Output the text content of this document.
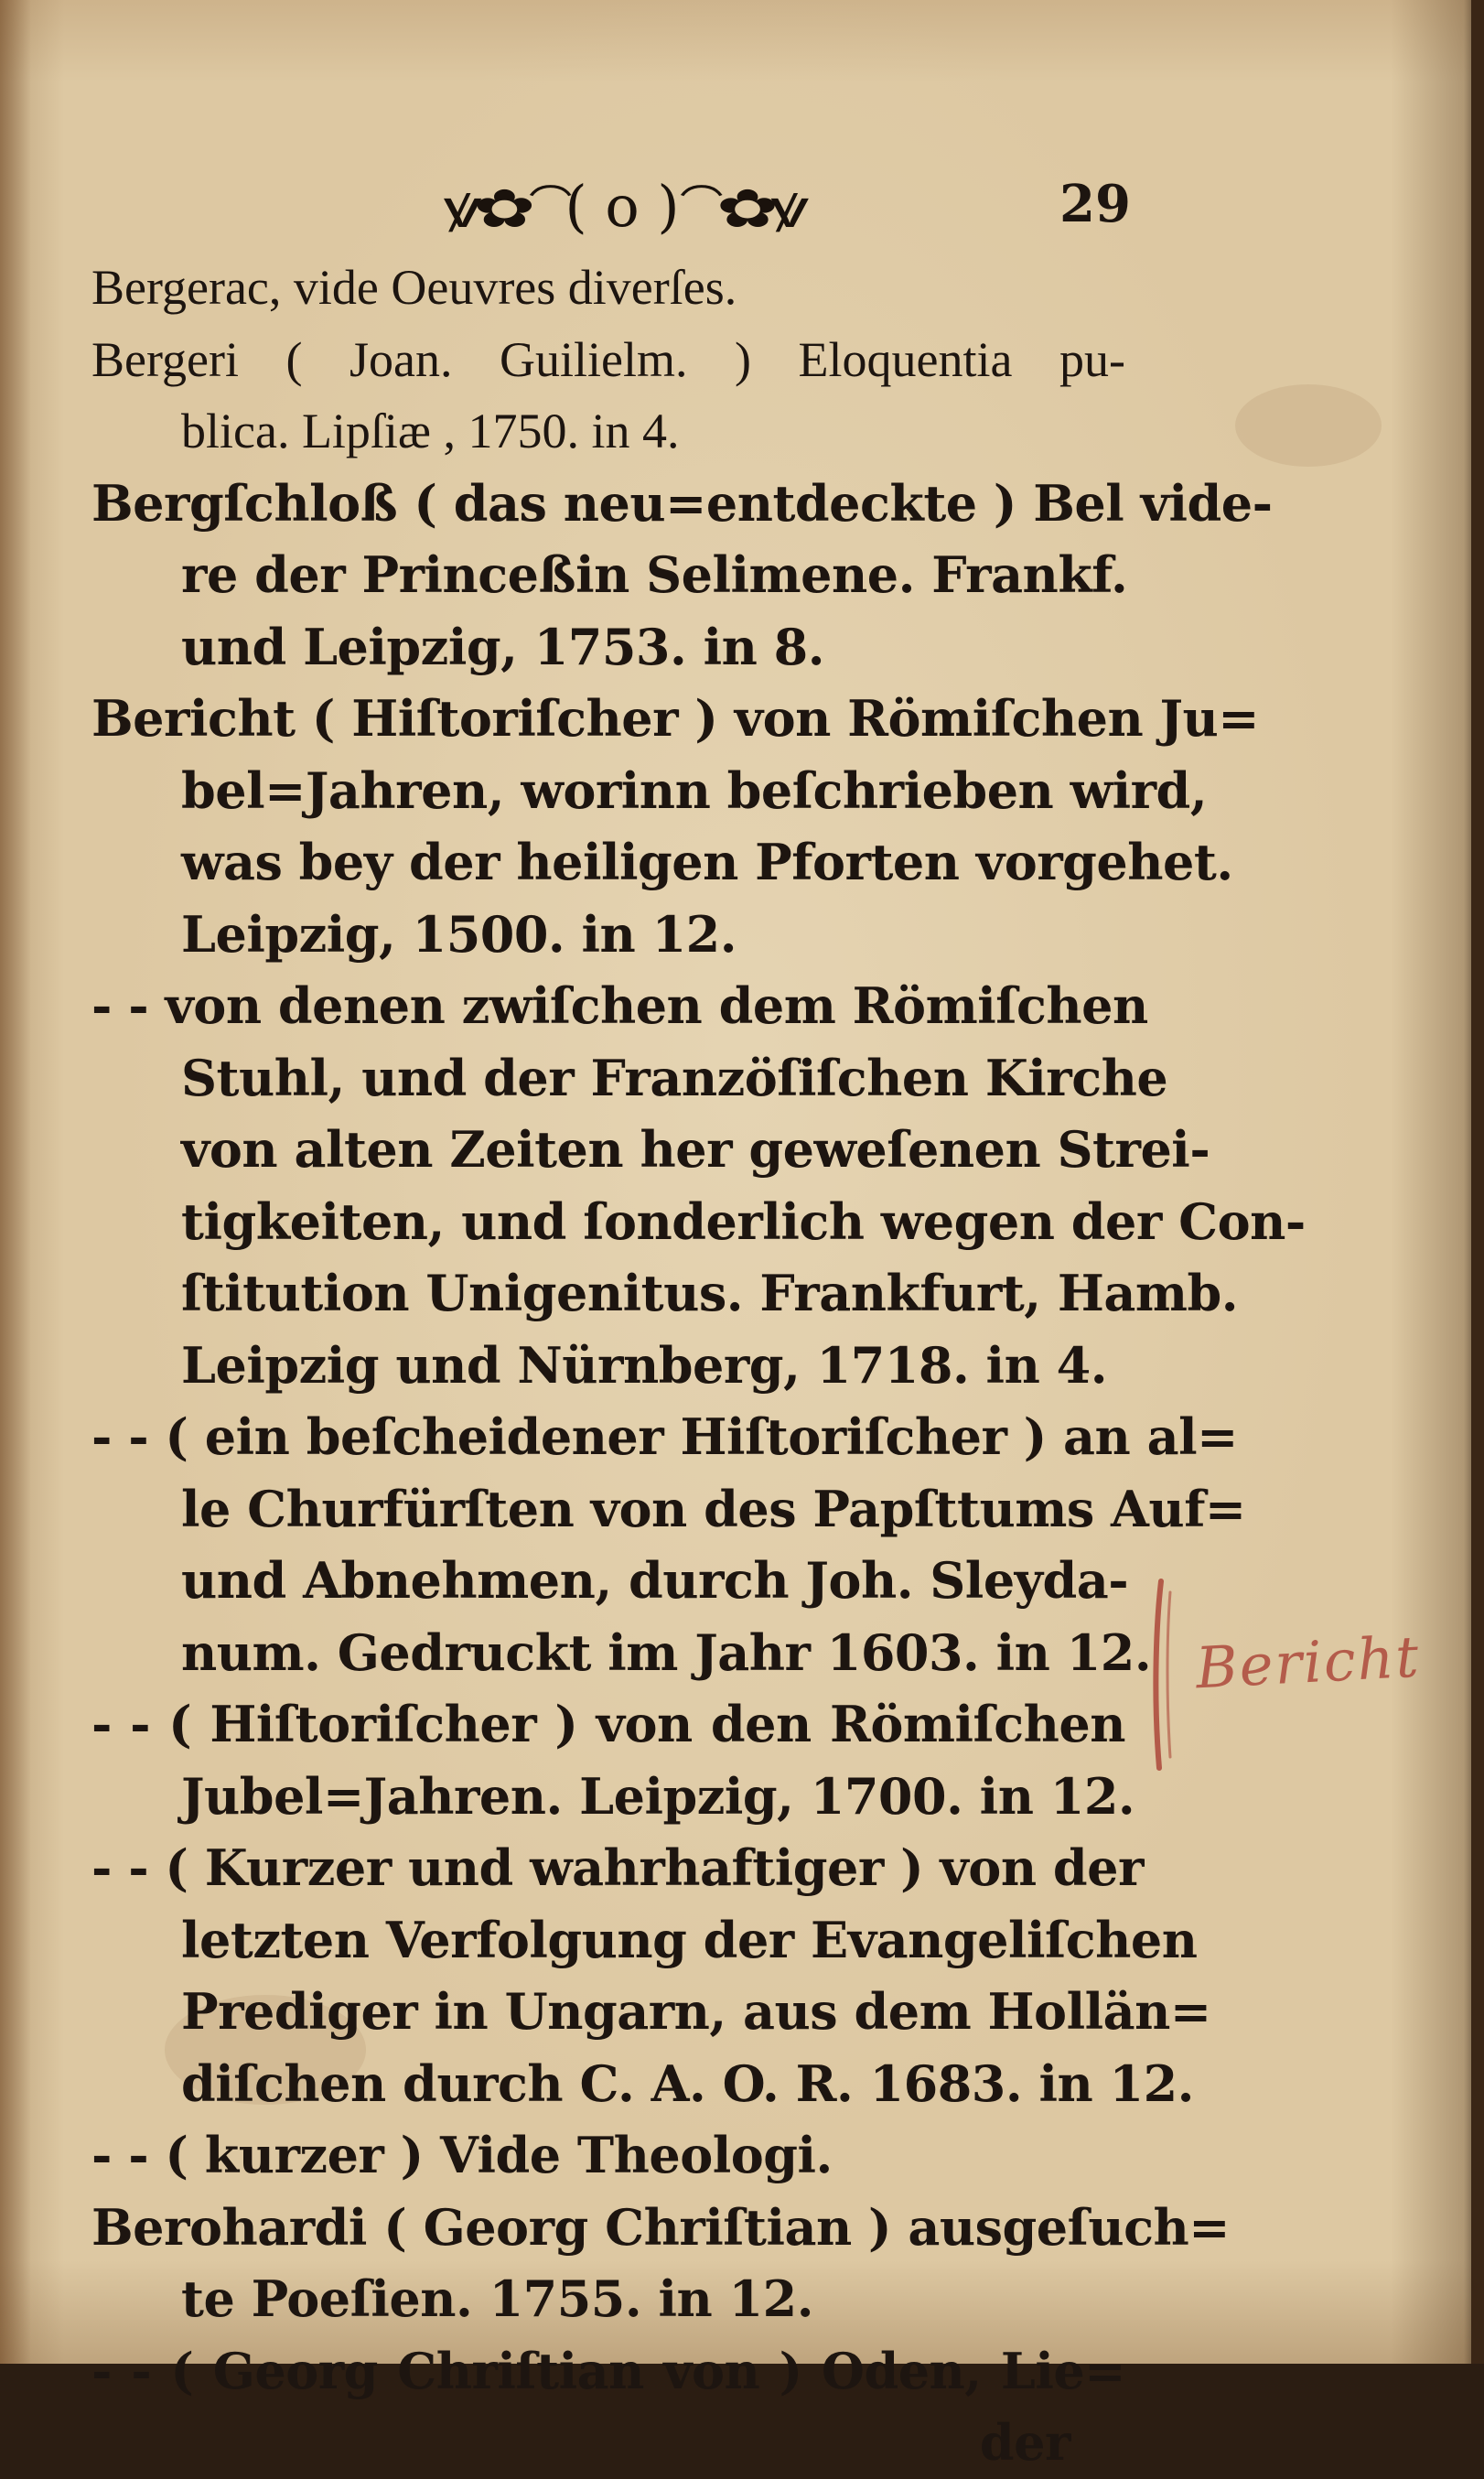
ꝟ✿⁀
( o )
⁀✿ꝟ	29
Bergerac, vide Oeuvres diverſes.
Bergeri ( Joan. Guilielm. ) Eloquentia pu-
blica. Lipſiæ , 1750. in 4.
Bergſchloß ( das neu=entdeckte ) Bel vide-
re der Princeßin Selimene. Frankf.
und Leipzig, 1753. in 8.
Bericht ( Hiſtoriſcher ) von Römiſchen Ju=
bel=Jahren, worinn beſchrieben wird,
was bey der heiligen Pforten vorgehet.
Leipzig, 1500. in 12.
- - von denen zwiſchen dem Römiſchen
Stuhl, und der Franzöſiſchen Kirche
von alten Zeiten her geweſenen Strei-
tigkeiten, und ſonderlich wegen der Con-
ſtitution Unigenitus. Frankfurt, Hamb.
Leipzig und Nürnberg, 1718. in 4.
- - ( ein beſcheidener Hiſtoriſcher ) an al=
le Churfürſten von des Papſttums Auf=
und Abnehmen, durch Joh. Sleyda-
num. Gedruckt im Jahr 1603. in 12.
- - ( Hiſtoriſcher ) von den Römiſchen
Jubel=Jahren. Leipzig, 1700. in 12.
- - ( Kurzer und wahrhaftiger ) von der
letzten Verfolgung der Evangeliſchen
Prediger in Ungarn, aus dem Hollän=
diſchen durch C. A. O. R. 1683. in 12.
- - ( kurzer ) Vide Theologi.
Berohardi ( Georg Chriſtian ) ausgeſuch=
te Poeſien. 1755. in 12.
- - ( Georg Chriſtian von ) Oden, Lie=
der
Bericht
